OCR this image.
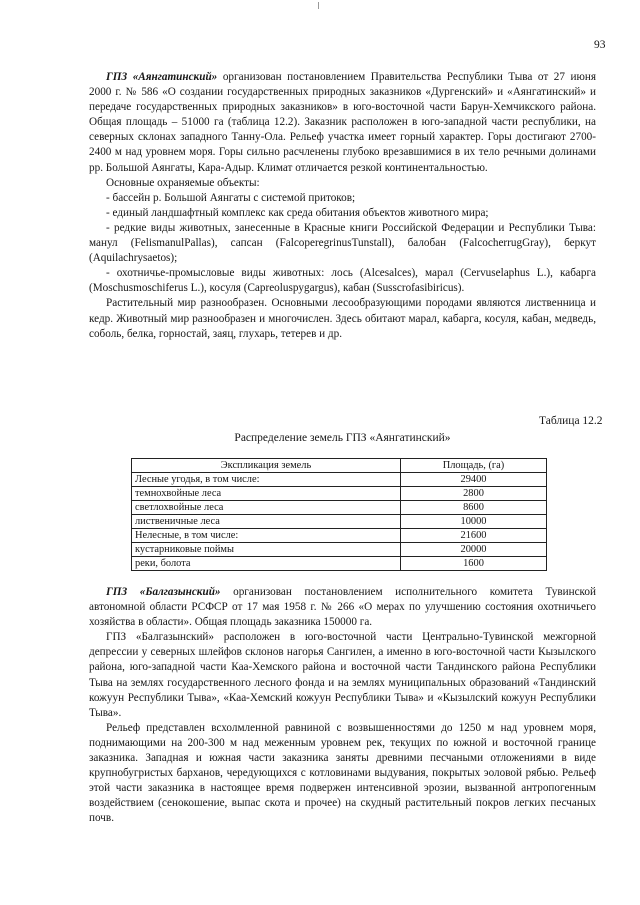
93

ГПЗ «Аянгатинский» организован постановлением Правительства Республики Тыва от 27 июня 2000 г. № 586 «О создании государственных природных заказников «Дургенский» и «Аянгатинский» и передаче государственных природных заказников» в юго-восточной части Барун-Хемчикского района. Общая площадь – 51000 га (таблица 12.2). Заказник расположен в юго-западной части республики, на северных склонах западного Танну-Ола. Рельеф участка имеет горный характер. Горы достигают 2700-2400 м над уровнем моря. Горы сильно расчленены глубоко врезавшимися в их тело речными долинами рр. Большой Аянгаты, Кара-Адыр. Климат отличается резкой континентальностью.

Основные охраняемые объекты:

- бассейн р. Большой Аянгаты с системой притоков;

- единый ландшафтный комплекс как среда обитания объектов животного мира;

- редкие виды животных, занесенные в Красные книги Российской Федерации и Республики Тыва: манул (FelismanulPallas), сапсан (FalcoperegrinusTunstall), балобан (FalcocherrugGray), беркут (Aquilachrysaetos);

- охотничье-промысловые виды животных: лось (Alcesalces), марал (Cervuselaphus L.), кабарга (Moschusmoschiferus L.), косуля (Capreoluspygargus), кабан (Susscrofasibiricus).

Растительный мир разнообразен. Основными лесообразующими породами являются лиственница и кедр. Животный мир разнообразен и многочислен. Здесь обитают марал, кабарга, косуля, кабан, медведь, соболь, белка, горностай, заяц, глухарь, тетерев и др.

Таблица 12.2
Распределение земель ГПЗ «Аянгатинский»
Экспликация земель	Площадь, (га)
Лесные угодья, в том числе:	29400
темнохвойные леса	2800
светлохвойные леса	8600
лиственичные леса	10000
Нелесные, в том числе:	21600
кустарниковые поймы	20000
реки, болота	1600

ГПЗ «Балгазынский» организован постановлением исполнительного комитета Тувинской автономной области РСФСР от 17 мая 1958 г. № 266 «О мерах по улучшению состояния охотничьего хозяйства в области». Общая площадь заказника 150000 га.

ГПЗ «Балгазынский» расположен в юго-восточной части Центрально-Тувинской межгорной депрессии у северных шлейфов склонов нагорья Сангилен, а именно в юго-восточной части Кызылского района, юго-западной части Каа-Хемского района и восточной части Тандинского района Республики Тыва на землях государственного лесного фонда и на землях муниципальных образований «Тандинский кожуун Республики Тыва», «Каа-Хемский кожуун Республики Тыва» и «Кызылский кожуун Республики Тыва».

Рельеф представлен всхолмленной равниной с возвышенностями до 1250 м над уровнем моря, поднимающими на 200-300 м над меженным уровнем рек, текущих по южной и восточной границе заказника. Западная и южная части заказника заняты древними песчаными отложениями в виде крупнобугристых барханов, чередующихся с котловинами выдувания, покрытых эоловой рябью. Рельеф этой части заказника в настоящее время подвержен интенсивной эрозии, вызванной антропогенным воздействием (сенокошение, выпас скота и прочее) на скудный растительный покров легких песчаных почв.
